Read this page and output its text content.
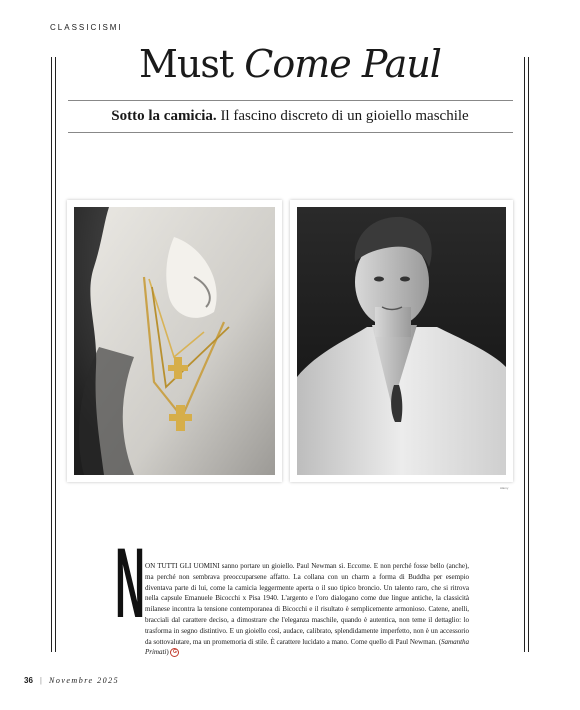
CLASSICISMI
Must Come Paul
Sotto la camicia. Il fascino discreto di un gioiello maschile
Alamy
N ON TUTTI GLI UOMINI sanno portare un gioiello. Paul Newman sì. Eccome. E non perché fosse bello (anche), ma perché non sembrava preoccuparsene affatto. La collana con un charm a forma di Buddha per esempio diventava parte di lui, come la camicia leggermente aperta o il suo tipico broncio. Un talento raro, che si ritrova nella capsule Emanuele Bicocchi x Pisa 1940. L'argento e l'oro dialogano come due lingue antiche, la classicità milanese incontra la tensione contemporanea di Bicocchi e il risultato è semplicemente armonioso. Catene, anelli, bracciali dal carattere deciso, a dimostrare che l'eleganza maschile, quando è autentica, non teme il dettaglio: lo trasforma in segno distintivo. E un gioiello così, audace, calibrato, splendidamente imperfetto, non è un accessorio da sottovalutare, ma un promemoria di stile. È carattere lucidato a mano. Come quello di Paul Newman. (Samantha Primati) G
36 | Novembre 2025
